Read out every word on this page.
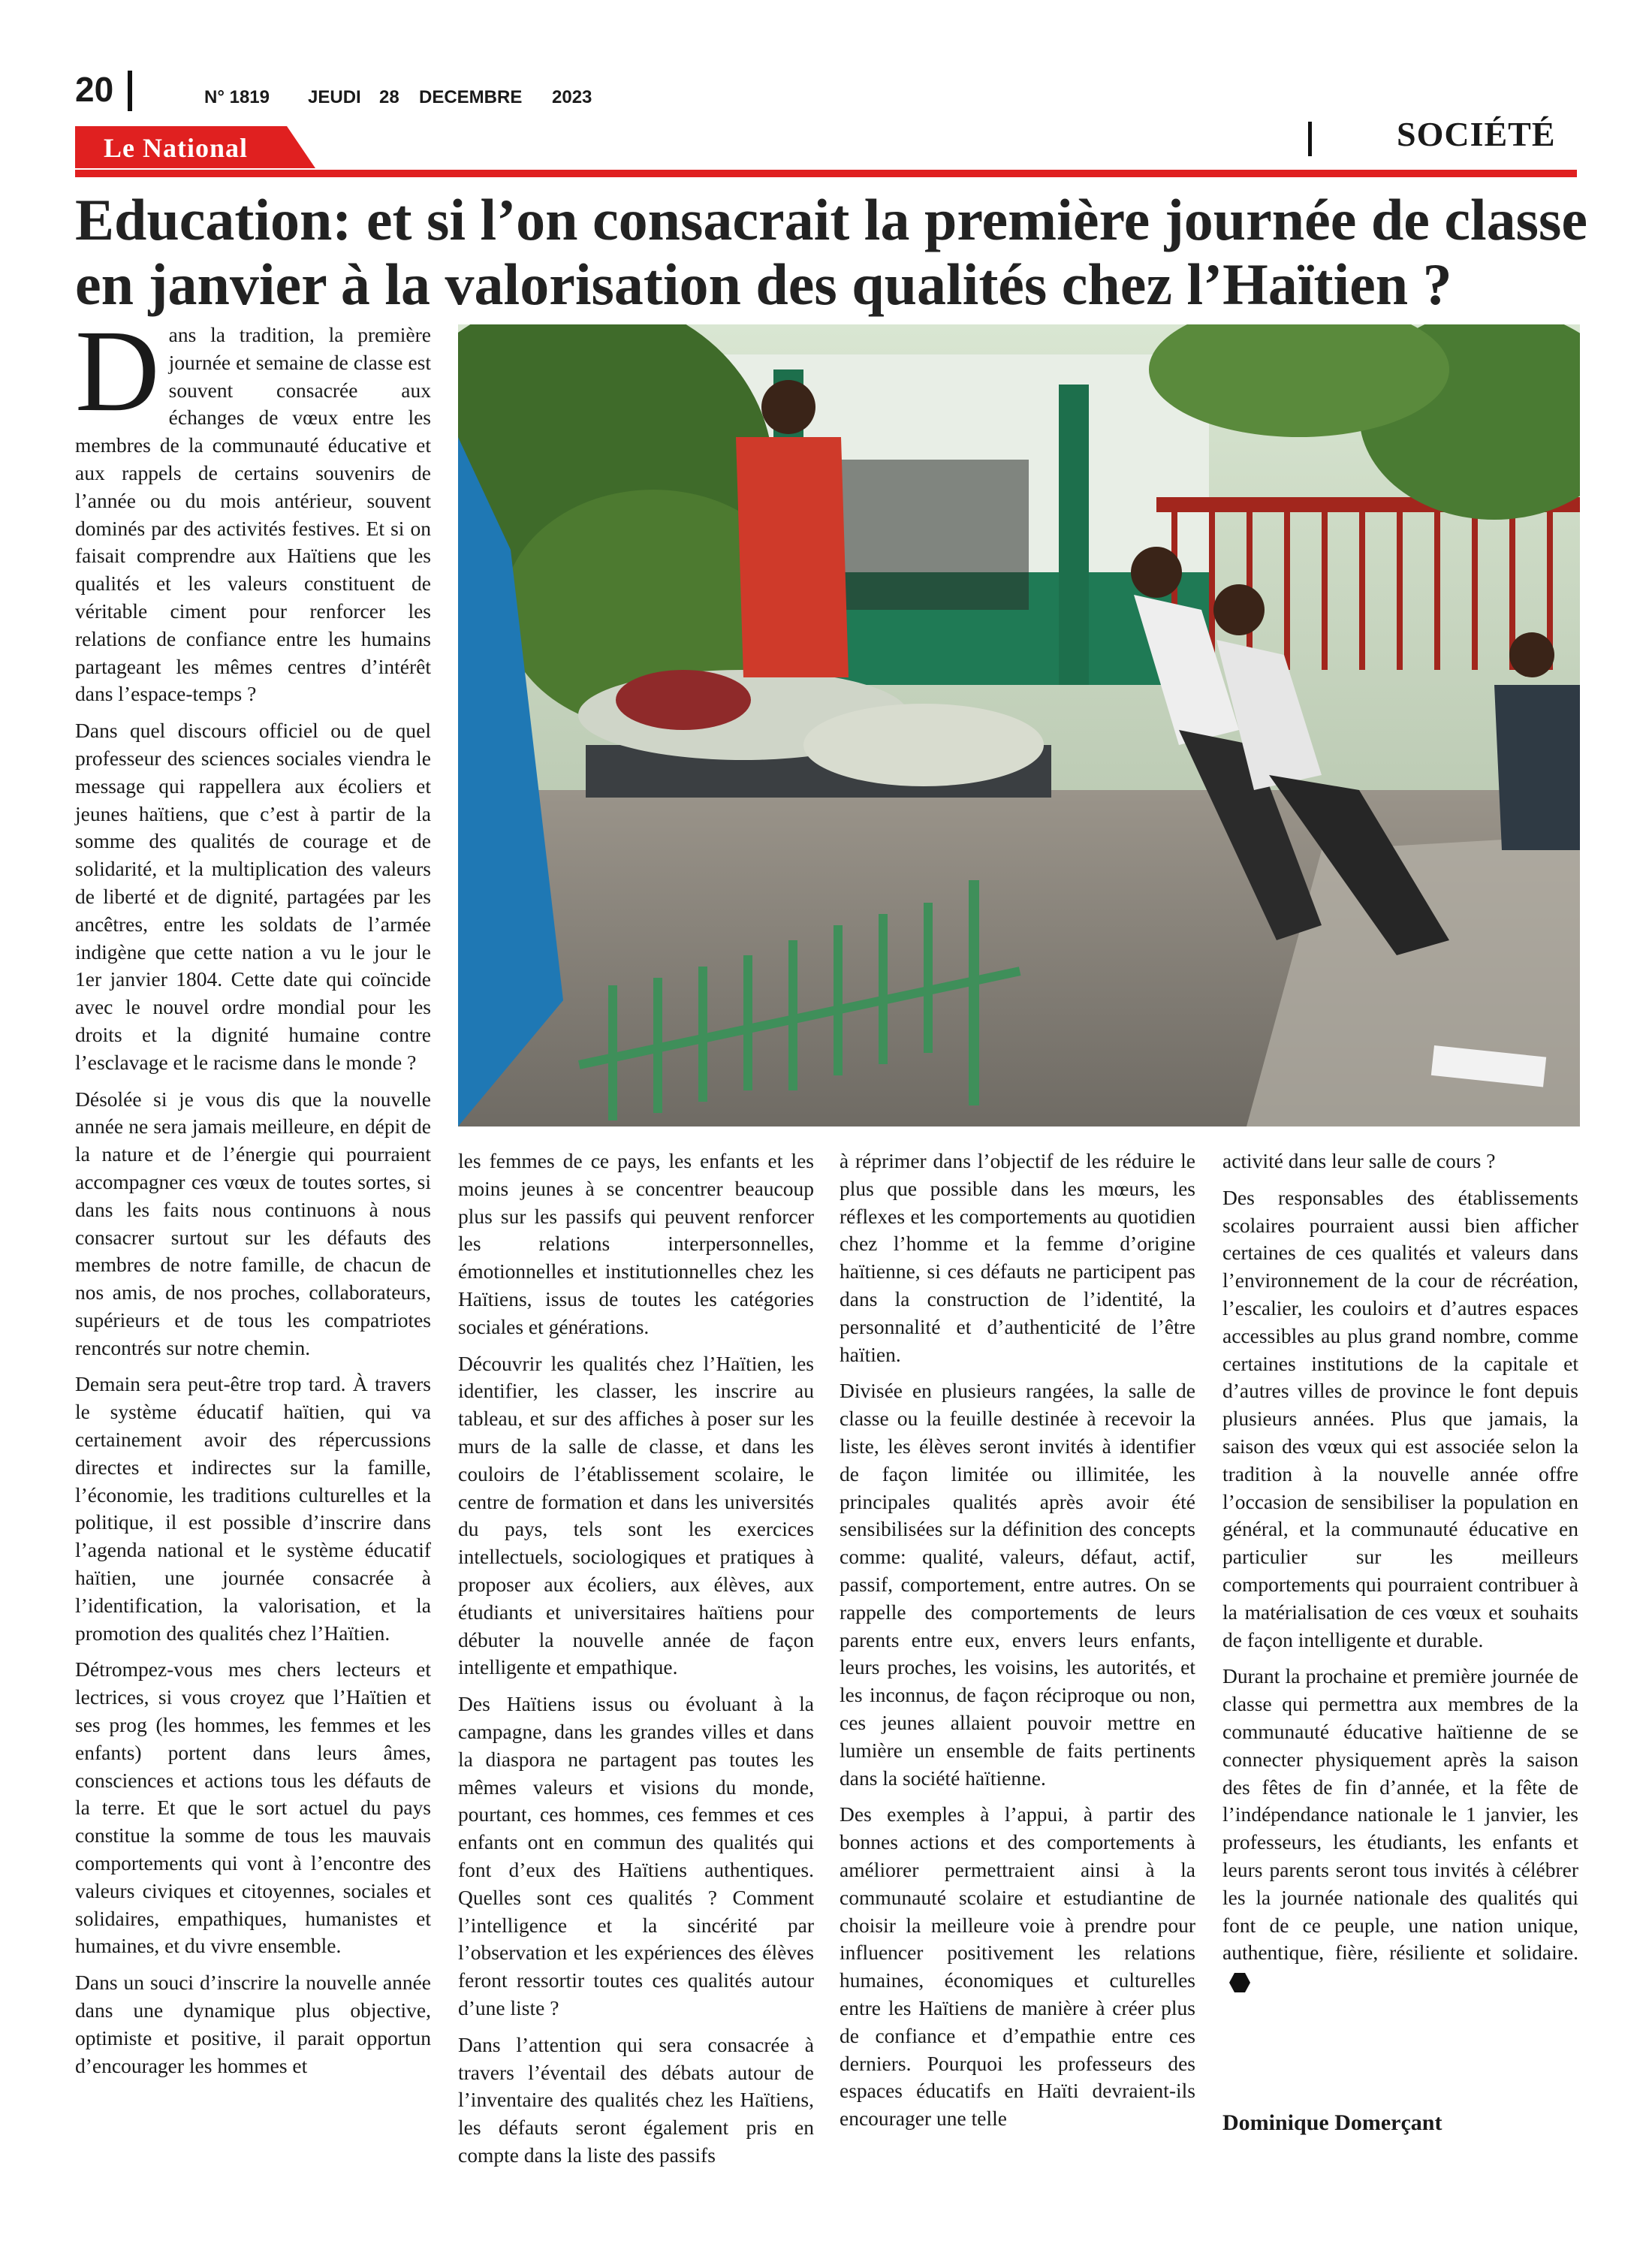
20	N° 1819 JEUDI 28 DECEMBRE 2023
Le National	SOCIÉTÉ
Education: et si l’on consacrait la première journée de classe en janvier à la valorisation des qualités chez l’Haïtien ?

Dans la tradition, la première journée et semaine de classe est souvent consacrée aux échanges de vœux entre les membres de la communauté éducative et aux rappels de certains souvenirs de l’année ou du mois antérieur, souvent dominés par des activités festives. Et si on faisait comprendre aux Haïtiens que les qualités et les valeurs constituent de véritable ciment pour renforcer les relations de confiance entre les humains partageant les mêmes centres d’intérêt dans l’espace-temps ?

Dans quel discours officiel ou de quel professeur des sciences sociales viendra le message qui rappellera aux écoliers et jeunes haïtiens, que c’est à partir de la somme des qualités de courage et de solidarité, et la multiplication des valeurs de liberté et de dignité, partagées par les ancêtres, entre les soldats de l’armée indigène que cette nation a vu le jour le 1er janvier 1804. Cette date qui coïncide avec le nouvel ordre mondial pour les droits et la dignité humaine contre l’esclavage et le racisme dans le monde ?

Désolée si je vous dis que la nouvelle année ne sera jamais meilleure, en dépit de la nature et de l’énergie qui pourraient accompagner ces vœux de toutes sortes, si dans les faits nous continuons à nous consacrer surtout sur les défauts des membres de notre famille, de chacun de nos amis, de nos proches, collaborateurs, supérieurs et de tous les compatriotes rencontrés sur notre chemin.

Demain sera peut-être trop tard. À travers le système éducatif haïtien, qui va certainement avoir des répercussions directes et indirectes sur la famille, l’économie, les traditions culturelles et la politique, il est possible d’inscrire dans l’agenda national et le système éducatif haïtien, une journée consacrée à l’identification, la valorisation, et la promotion des qualités chez l’Haïtien.

Détrompez-vous mes chers lecteurs et lectrices, si vous croyez que l’Haïtien et ses prog (les hommes, les femmes et les enfants) portent dans leurs âmes, consciences et actions tous les défauts de la terre. Et que le sort actuel du pays constitue la somme de tous les mauvais comportements qui vont à l’encontre des valeurs civiques et citoyennes, sociales et solidaires, empathiques, humanistes et humaines, et du vivre ensemble.

Dans un souci d’inscrire la nouvelle année dans une dynamique plus objective, optimiste et positive, il parait opportun d’encourager les hommes et

les femmes de ce pays, les enfants et les moins jeunes à se concentrer beaucoup plus sur les passifs qui peuvent renforcer les relations interpersonnelles, émotionnelles et institutionnelles chez les Haïtiens, issus de toutes les catégories sociales et générations.

Découvrir les qualités chez l’Haïtien, les identifier, les classer, les inscrire au tableau, et sur des affiches à poser sur les murs de la salle de classe, et dans les couloirs de l’établissement scolaire, le centre de formation et dans les universités du pays, tels sont les exercices intellectuels, sociologiques et pratiques à proposer aux écoliers, aux élèves, aux étudiants et universitaires haïtiens pour débuter la nouvelle année de façon intelligente et empathique.

Des Haïtiens issus ou évoluant à la campagne, dans les grandes villes et dans la diaspora ne partagent pas toutes les mêmes valeurs et visions du monde, pourtant, ces hommes, ces femmes et ces enfants ont en commun des qualités qui font d’eux des Haïtiens authentiques. Quelles sont ces qualités ? Comment l’intelligence et la sincérité par l’observation et les expériences des élèves feront ressortir toutes ces qualités autour d’une liste ?

Dans l’attention qui sera consacrée à travers l’éventail des débats autour de l’inventaire des qualités chez les Haïtiens, les défauts seront également pris en compte dans la liste des passifs

à réprimer dans l’objectif de les réduire le plus que possible dans les mœurs, les réflexes et les comportements au quotidien chez l’homme et la femme d’origine haïtienne, si ces défauts ne participent pas dans la construction de l’identité, la personnalité et d’authenticité de l’être haïtien.

Divisée en plusieurs rangées, la salle de classe ou la feuille destinée à recevoir la liste, les élèves seront invités à identifier de façon limitée ou illimitée, les principales qualités après avoir été sensibilisées sur la définition des concepts comme: qualité, valeurs, défaut, actif, passif, comportement, entre autres. On se rappelle des comportements de leurs parents entre eux, envers leurs enfants, leurs proches, les voisins, les autorités, et les inconnus, de façon réciproque ou non, ces jeunes allaient pouvoir mettre en lumière un ensemble de faits pertinents dans la société haïtienne.

Des exemples à l’appui, à partir des bonnes actions et des comportements à améliorer permettraient ainsi à la communauté scolaire et estudiantine de choisir la meilleure voie à prendre pour influencer positivement les relations humaines, économiques et culturelles entre les Haïtiens de manière à créer plus de confiance et d’empathie entre ces derniers. Pourquoi les professeurs des espaces éducatifs en Haïti devraient-ils encourager une telle

activité dans leur salle de cours ?

Des responsables des établissements scolaires pourraient aussi bien afficher certaines de ces qualités et valeurs dans l’environnement de la cour de récréation, l’escalier, les couloirs et d’autres espaces accessibles au plus grand nombre, comme certaines institutions de la capitale et d’autres villes de province le font depuis plusieurs années. Plus que jamais, la saison des vœux qui est associée selon la tradition à la nouvelle année offre l’occasion de sensibiliser la population en général, et la communauté éducative en particulier sur les meilleurs comportements qui pourraient contribuer à la matérialisation de ces vœux et souhaits de façon intelligente et durable.

Durant la prochaine et première journée de classe qui permettra aux membres de la communauté éducative haïtienne de se connecter physiquement après la saison des fêtes de fin d’année, et la fête de l’indépendance nationale le 1 janvier, les professeurs, les étudiants, les enfants et leurs parents seront tous invités à célébrer les la journée nationale des qualités qui font de ce peuple, une nation unique, authentique, fière, résiliente et solidaire.

Dominique Domerçant
